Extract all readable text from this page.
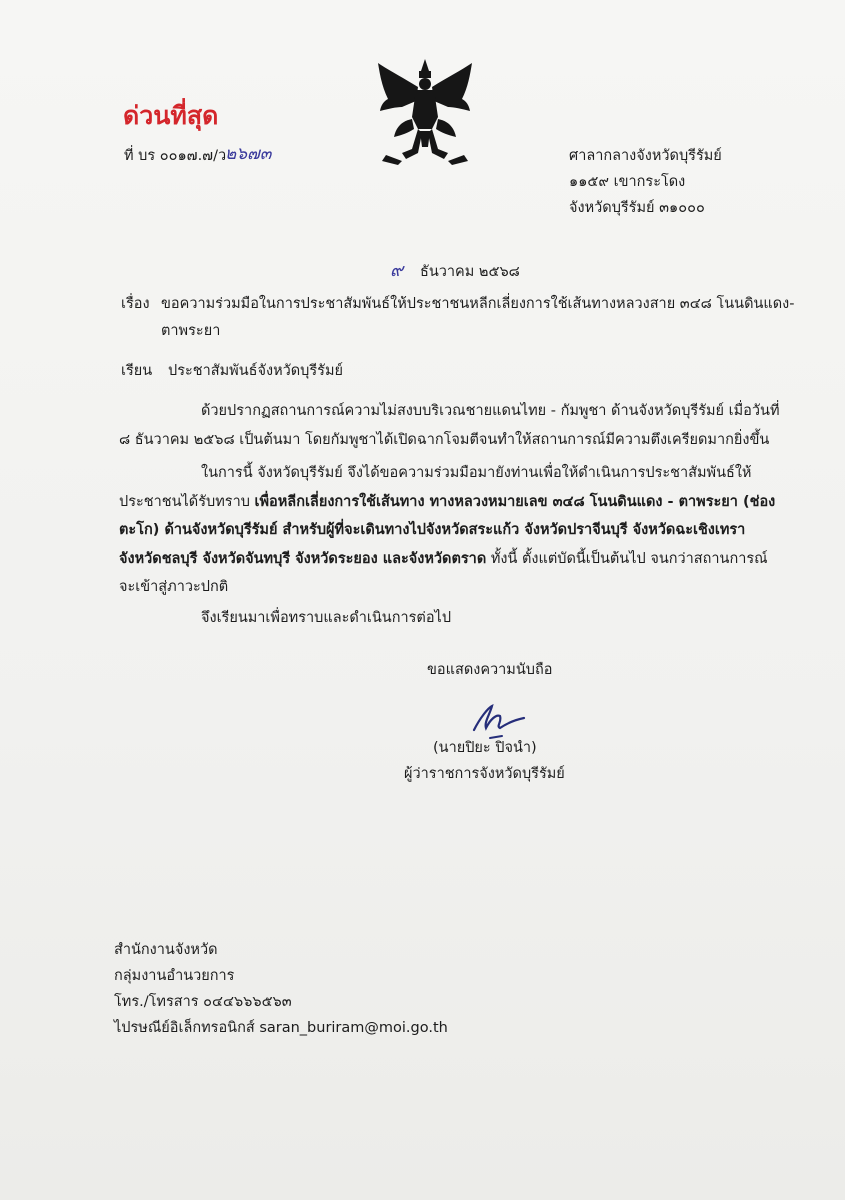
ด่วนที่สุด
ที่ บร ๐๐๑๗.๗/ว
๒๖๗๓	ศาลากลางจังหวัดบุรีรัมย์
๑๑๕๙ เขากระโดง
จังหวัดบุรีรัมย์ ๓๑๐๐๐
๙ ธันวาคม ๒๕๖๘
เรื่อง ขอความร่วมมือในการประชาสัมพันธ์ให้ประชาชนหลีกเลี่ยงการใช้เส้นทางหลวงสาย ๓๔๘ โนนดินแดง-
ตาพระยา
เรียน ประชาสัมพันธ์จังหวัดบุรีรัมย์
ด้วยปรากฏสถานการณ์ความไม่สงบบริเวณชายแดนไทย - กัมพูชา ด้านจังหวัดบุรีรัมย์ เมื่อวันที่ ๘ ธันวาคม ๒๕๖๘ เป็นต้นมา โดยกัมพูชาได้เปิดฉากโจมตีจนทำให้สถานการณ์มีความตึงเครียดมากยิ่งขึ้น
ในการนี้ จังหวัดบุรีรัมย์ จึงได้ขอความร่วมมือมายังท่านเพื่อให้ดำเนินการประชาสัมพันธ์ให้ประชาชนได้รับทราบ เพื่อหลีกเลี่ยงการใช้เส้นทาง ทางหลวงหมายเลข ๓๔๘ โนนดินแดง - ตาพระยา (ช่องตะโก) ด้านจังหวัดบุรีรัมย์ สำหรับผู้ที่จะเดินทางไปจังหวัดสระแก้ว จังหวัดปราจีนบุรี จังหวัดฉะเชิงเทรา จังหวัดชลบุรี จังหวัดจันทบุรี จังหวัดระยอง และจังหวัดตราด ทั้งนี้ ตั้งแต่บัดนี้เป็นต้นไป จนกว่าสถานการณ์จะเข้าสู่ภาวะปกติ
จึงเรียนมาเพื่อทราบและดำเนินการต่อไป
ขอแสดงความนับถือ
(นายปิยะ ปิจนำ)
ผู้ว่าราชการจังหวัดบุรีรัมย์
สำนักงานจังหวัด
กลุ่มงานอำนวยการ
โทร./โทรสาร ๐๔๔๖๖๖๕๖๓
ไปรษณีย์อิเล็กทรอนิกส์ saran_buriram@moi.go.th
